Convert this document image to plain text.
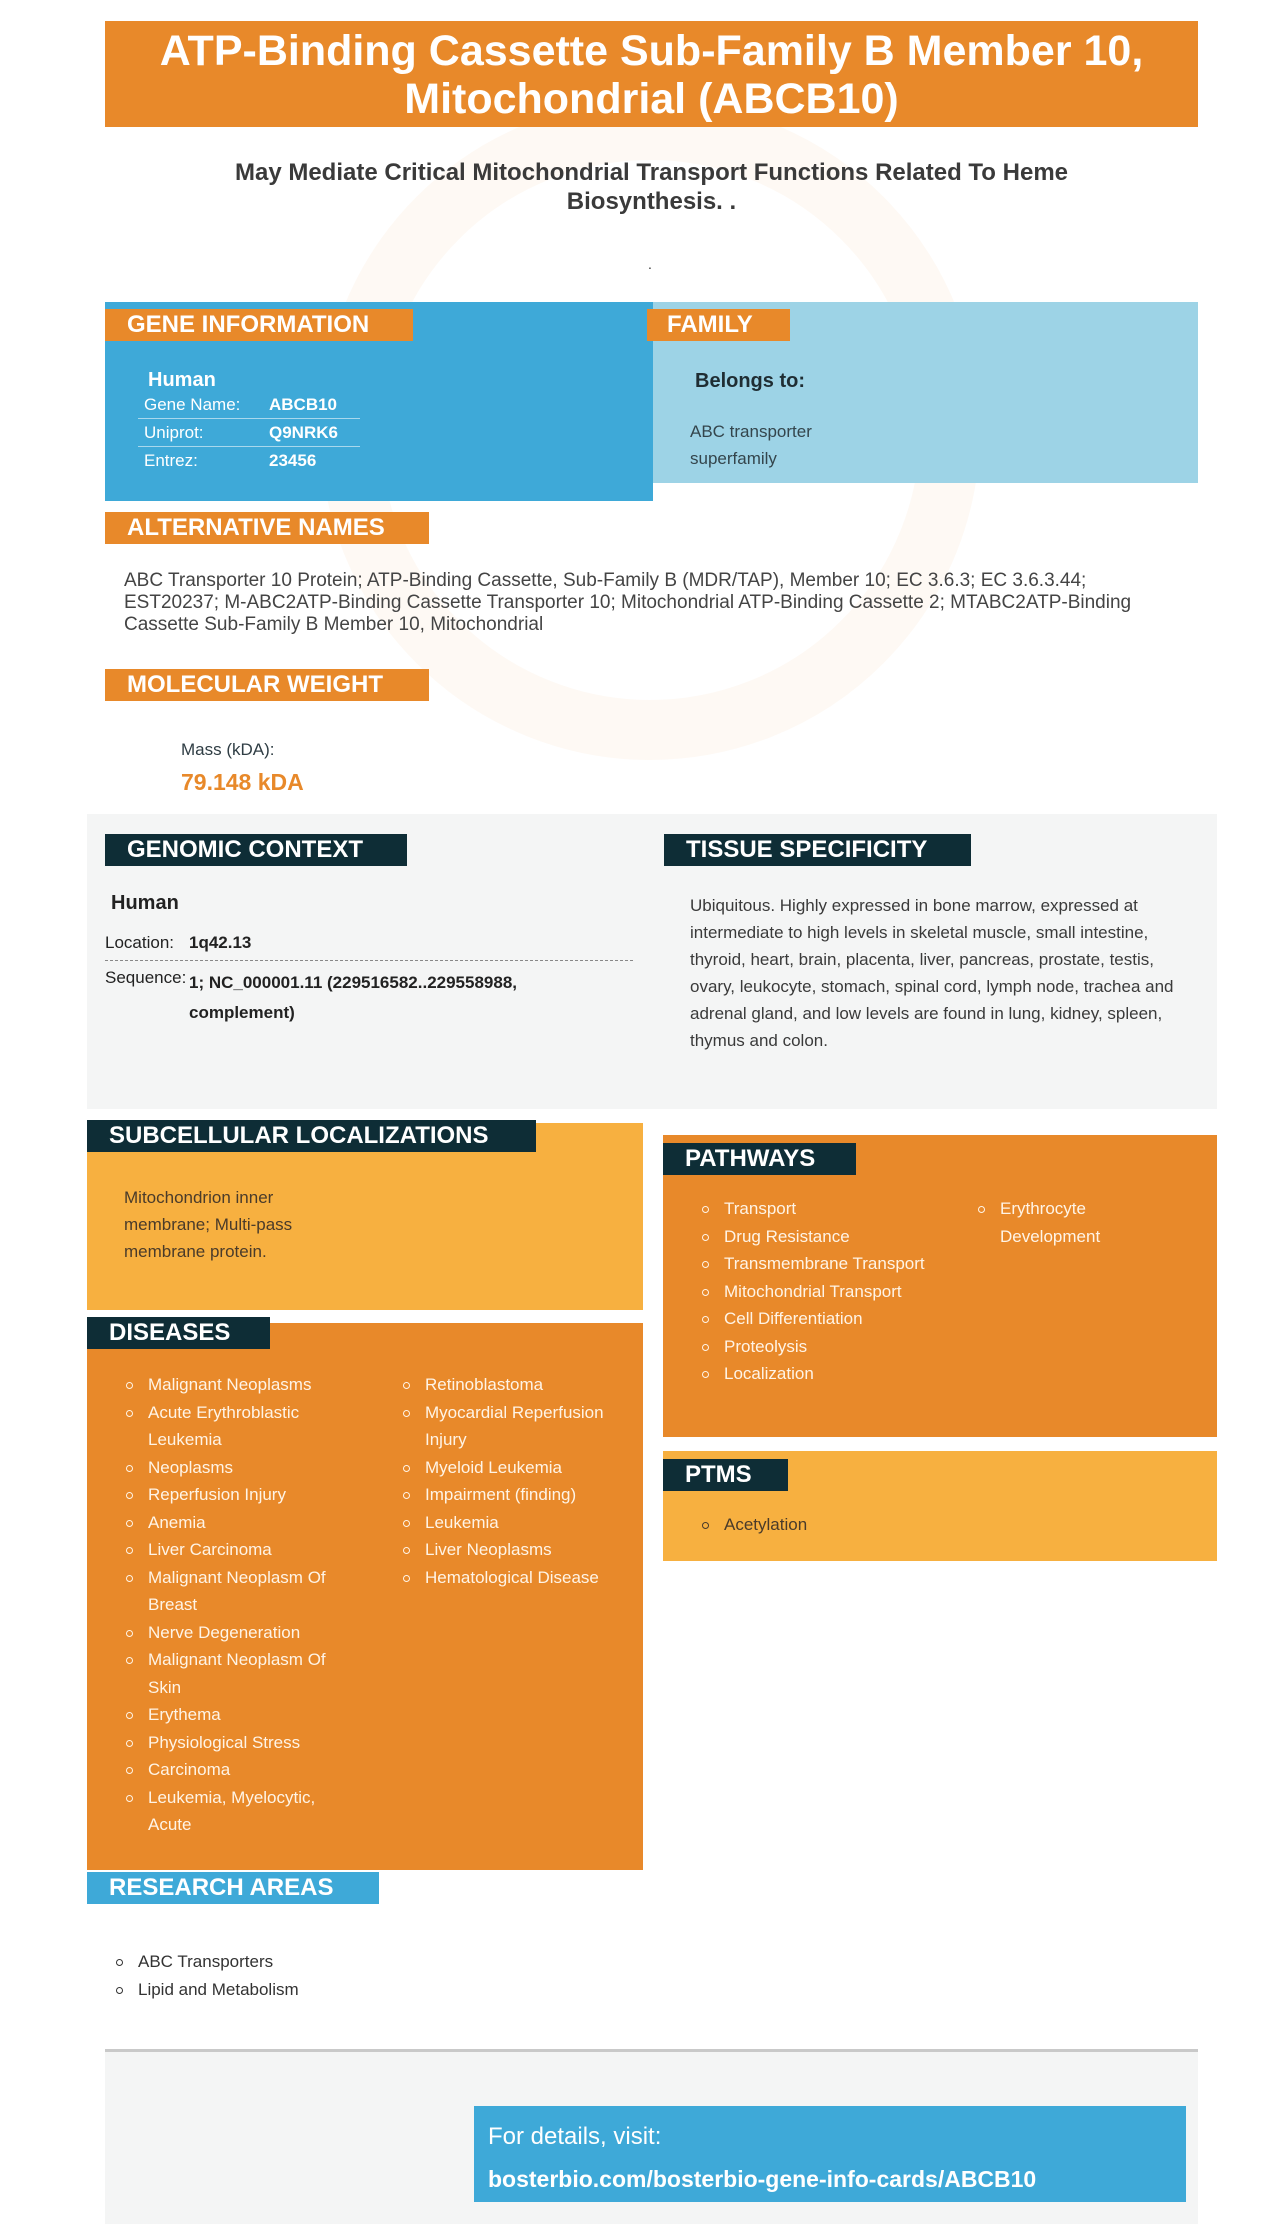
ATP-Binding Cassette Sub-Family B Member 10, Mitochondrial (ABCB10)
May Mediate Critical Mitochondrial Transport Functions Related To Heme Biosynthesis. .
.
GENE INFORMATION	FAMILY
Human
Gene Name: ABCB10
Uniprot:	Q9NRK6
Entrez:	23456
Belongs to:
ABC transporter superfamily
ALTERNATIVE NAMES
ABC Transporter 10 Protein; ATP-Binding Cassette, Sub-Family B (MDR/TAP), Member 10; EC 3.6.3; EC 3.6.3.44; EST20237; M-ABC2ATP-Binding Cassette Transporter 10; Mitochondrial ATP-Binding Cassette 2; MTABC2ATP-Binding Cassette Sub-Family B Member 10, Mitochondrial
MOLECULAR WEIGHT
Mass (kDA):
79.148 kDA
GENOMIC CONTEXT	TISSUE SPECIFICITY
Human
Location: 1q42.13
Sequence: 1; NC_000001.11 (229516582..229558988, complement)
Ubiquitous. Highly expressed in bone marrow, expressed at intermediate to high levels in skeletal muscle, small intestine, thyroid, heart, brain, placenta, liver, pancreas, prostate, testis, ovary, leukocyte, stomach, spinal cord, lymph node, trachea and adrenal gland, and low levels are found in lung, kidney, spleen, thymus and colon.
SUBCELLULAR LOCALIZATIONS
Mitochondrion inner membrane; Multi-pass membrane protein.
DISEASES
Malignant Neoplasms
Acute Erythroblastic Leukemia
Neoplasms
Reperfusion Injury
Anemia
Liver Carcinoma
Malignant Neoplasm Of Breast
Nerve Degeneration
Malignant Neoplasm Of Skin
Erythema
Physiological Stress
Carcinoma
Leukemia, Myelocytic, Acute
Retinoblastoma
Myocardial Reperfusion Injury
Myeloid Leukemia
Impairment (finding)
Leukemia
Liver Neoplasms
Hematological Disease
PATHWAYS
Transport
Drug Resistance
Transmembrane Transport
Mitochondrial Transport
Cell Differentiation
Proteolysis
Localization
Erythrocyte Development
PTMS
Acetylation
RESEARCH AREAS
ABC Transporters
Lipid and Metabolism
For details, visit:
bosterbio.com/bosterbio-gene-info-cards/ABCB10
